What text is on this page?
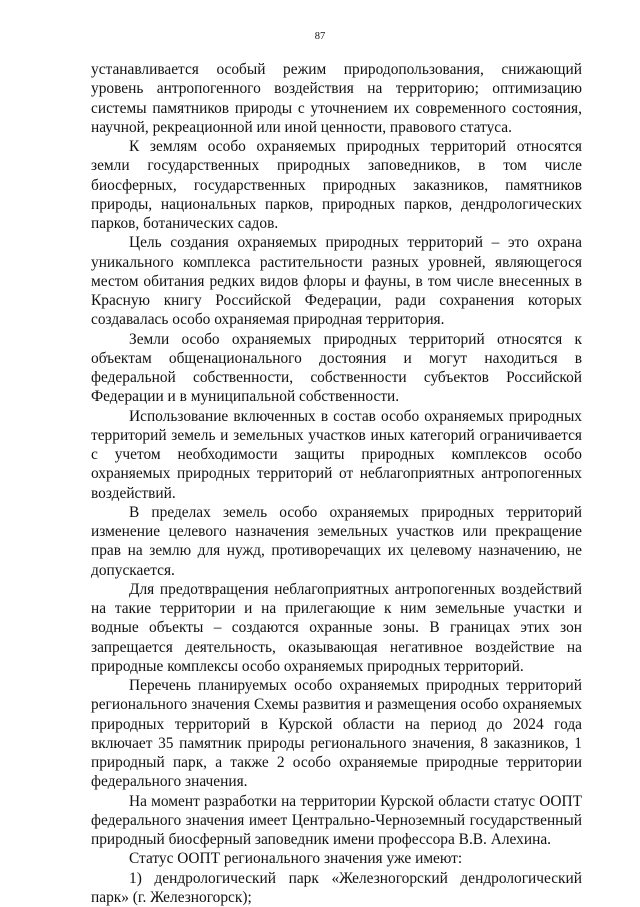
87

устанавливается особый режим природопользования, снижающий уровень антропогенного воздействия на территорию; оптимизацию системы памятников природы с уточнением их современного состояния, научной, рекреационной или иной ценности, правового статуса.

К землям особо охраняемых природных территорий относятся земли государственных природных заповедников, в том числе биосферных, государственных природных заказников, памятников природы, национальных парков, природных парков, дендрологических парков, ботанических садов.

Цель создания охраняемых природных территорий – это охрана уникального комплекса растительности разных уровней, являющегося местом обитания редких видов флоры и фауны, в том числе внесенных в Красную книгу Российской Федерации, ради сохранения которых создавалась особо охраняемая природная территория.

Земли особо охраняемых природных территорий относятся к объектам общенационального достояния и могут находиться в федеральной собственности, собственности субъектов Российской Федерации и в муниципальной собственности.

Использование включенных в состав особо охраняемых природных территорий земель и земельных участков иных категорий ограничивается с учетом необходимости защиты природных комплексов особо охраняемых природных территорий от неблагоприятных антропогенных воздействий.

В пределах земель особо охраняемых природных территорий изменение целевого назначения земельных участков или прекращение прав на землю для нужд, противоречащих их целевому назначению, не допускается.

Для предотвращения неблагоприятных антропогенных воздействий на такие территории и на прилегающие к ним земельные участки и водные объекты – создаются охранные зоны. В границах этих зон запрещается деятельность, оказывающая негативное воздействие на природные комплексы особо охраняемых природных территорий.

Перечень планируемых особо охраняемых природных территорий регионального значения Схемы развития и размещения особо охраняемых природных территорий в Курской области на период до 2024 года включает 35 памятник природы регионального значения, 8 заказников, 1 природный парк, а также 2 особо охраняемые природные территории федерального значения.

На момент разработки на территории Курской области статус ООПТ федерального значения имеет Центрально-Черноземный государственный природный биосферный заповедник имени профессора В.В. Алехина.

Статус ООПТ регионального значения уже имеют:

1) дендрологический парк «Железногорский дендрологический парк» (г. Железногорск);
